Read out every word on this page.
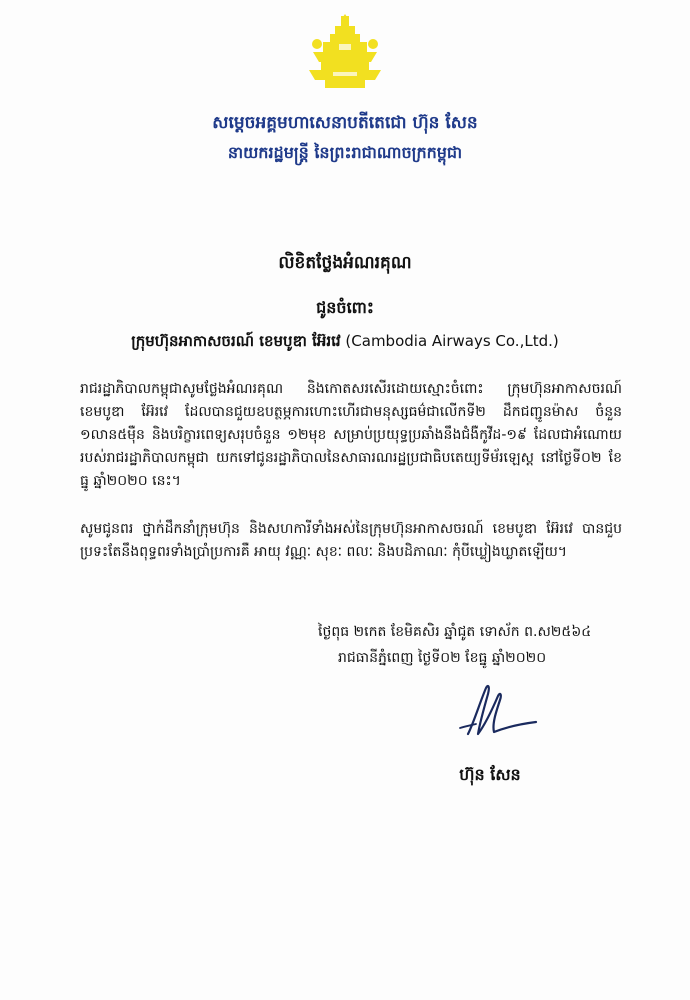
សម្តេចអគ្គមហាសេនាបតីតេជោ ហ៊ុន សែន
នាយករដ្ឋមន្ត្រី នៃព្រះរាជាណាចក្រកម្ពុជា
លិខិតថ្លែងអំណរគុណ
ជូនចំពោះ
ក្រុមហ៊ុនអាកាសចរណ៍ ខេមបូឌា អ៊ែរវេ (Cambodia Airways Co.,Ltd.)
រាជរដ្ឋាភិបាលកម្ពុជាសូមថ្លែងអំណរគុណ និងកោតសរសើរដោយស្មោះចំពោះ ក្រុមហ៊ុនអាកាសចរណ៍ ខេមបូឌា អ៊ែរវេ ដែលបានជួយឧបត្ថម្ភការហោះហើរជាមនុស្សធម៌ជាលើកទី២ ដឹកជញ្ជូនម៉ាស ចំនួន ១លាន៥ម៉ឺន និងបរិក្ខារពេទ្យសរុបចំនួន ១២មុខ សម្រាប់ប្រយុទ្ធប្រឆាំងនឹងជំងឺកូវីដ-១៩ ដែលជាអំណោយរបស់រាជរដ្ឋាភិបាលកម្ពុជា យកទៅជូនរដ្ឋាភិបាលនៃសាធារណរដ្ឋប្រជាធិបតេយ្យទីម័រឡេស្ត នៅថ្ងៃទី០២ ខែធ្នូ ឆ្នាំ២០២០ នេះ។
សូមជូនពរ ថ្នាក់ដឹកនាំក្រុមហ៊ុន និងសហការីទាំងអស់នៃក្រុមហ៊ុនអាកាសចរណ៍ ខេមបូឌា អ៊ែរវេ បានជួបប្រទះតែនឹងពុទ្ធពរទាំងប្រាំប្រការគឺ អាយុ វណ្ណៈ សុខៈ ពលៈ និងបដិភាណៈ កុំបីឃ្លៀងឃ្លាតឡើយ។
ថ្ងៃពុធ ២កេត ខែមិគសិរ ឆ្នាំជូត ទោស័ក ព.ស២៥៦៤
រាជធានីភ្នំពេញ ថ្ងៃទី០២ ខែធ្នូ ឆ្នាំ២០២០
ហ៊ុន សែន
